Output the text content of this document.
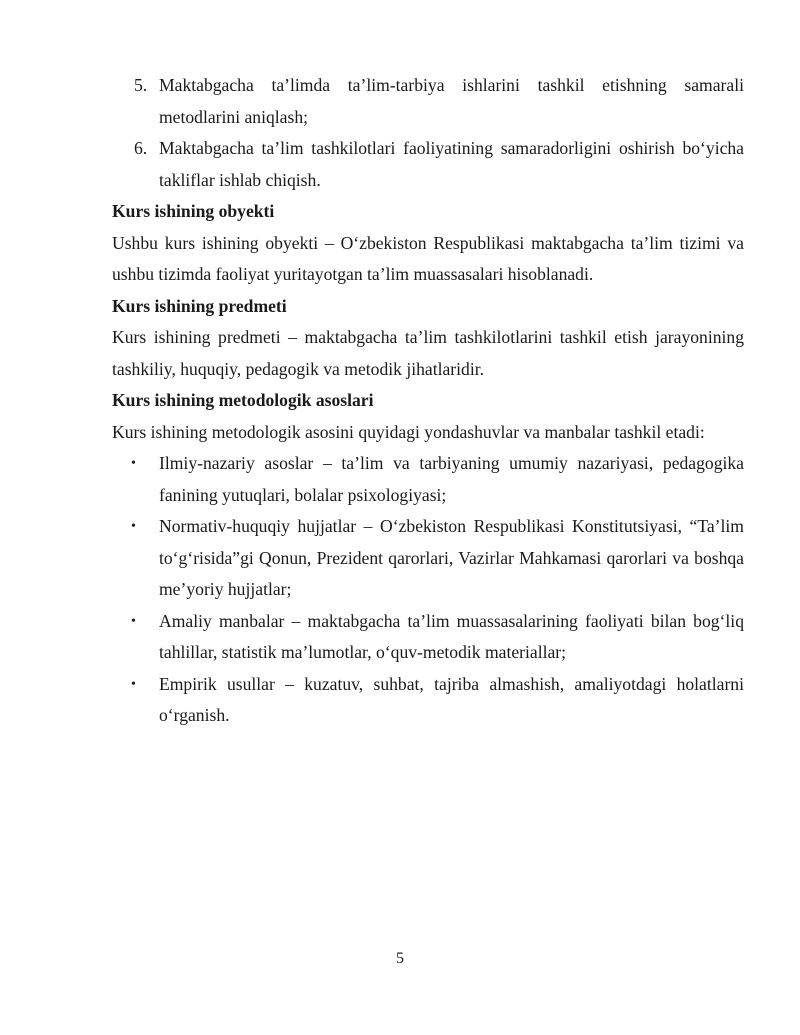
5. Maktabgacha ta’limda ta’lim-tarbiya ishlarini tashkil etishning samarali metodlarini aniqlash;
6. Maktabgacha ta’lim tashkilotlari faoliyatining samaradorligini oshirish bo‘yicha takliflar ishlab chiqish.

Kurs ishining obyekti

Ushbu kurs ishining obyekti – O‘zbekiston Respublikasi maktabgacha ta’lim tizimi va ushbu tizimda faoliyat yuritayotgan ta’lim muassasalari hisoblanadi.

Kurs ishining predmeti

Kurs ishining predmeti – maktabgacha ta’lim tashkilotlarini tashkil etish jarayonining tashkiliy, huquqiy, pedagogik va metodik jihatlaridir.

Kurs ishining metodologik asoslari

Kurs ishining metodologik asosini quyidagi yondashuvlar va manbalar tashkil etadi:

• Ilmiy-nazariy asoslar – ta’lim va tarbiyaning umumiy nazariyasi, pedagogika fanining yutuqlari, bolalar psixologiyasi;
• Normativ-huquqiy hujjatlar – O‘zbekiston Respublikasi Konstitutsiyasi, “Ta’lim to‘g‘risida”gi Qonun, Prezident qarorlari, Vazirlar Mahkamasi qarorlari va boshqa me’yoriy hujjatlar;
• Amaliy manbalar – maktabgacha ta’lim muassasalarining faoliyati bilan bog‘liq tahlillar, statistik ma’lumotlar, o‘quv-metodik materiallar;
• Empirik usullar – kuzatuv, suhbat, tajriba almashish, amaliyotdagi holatlarni o‘rganish.
5
